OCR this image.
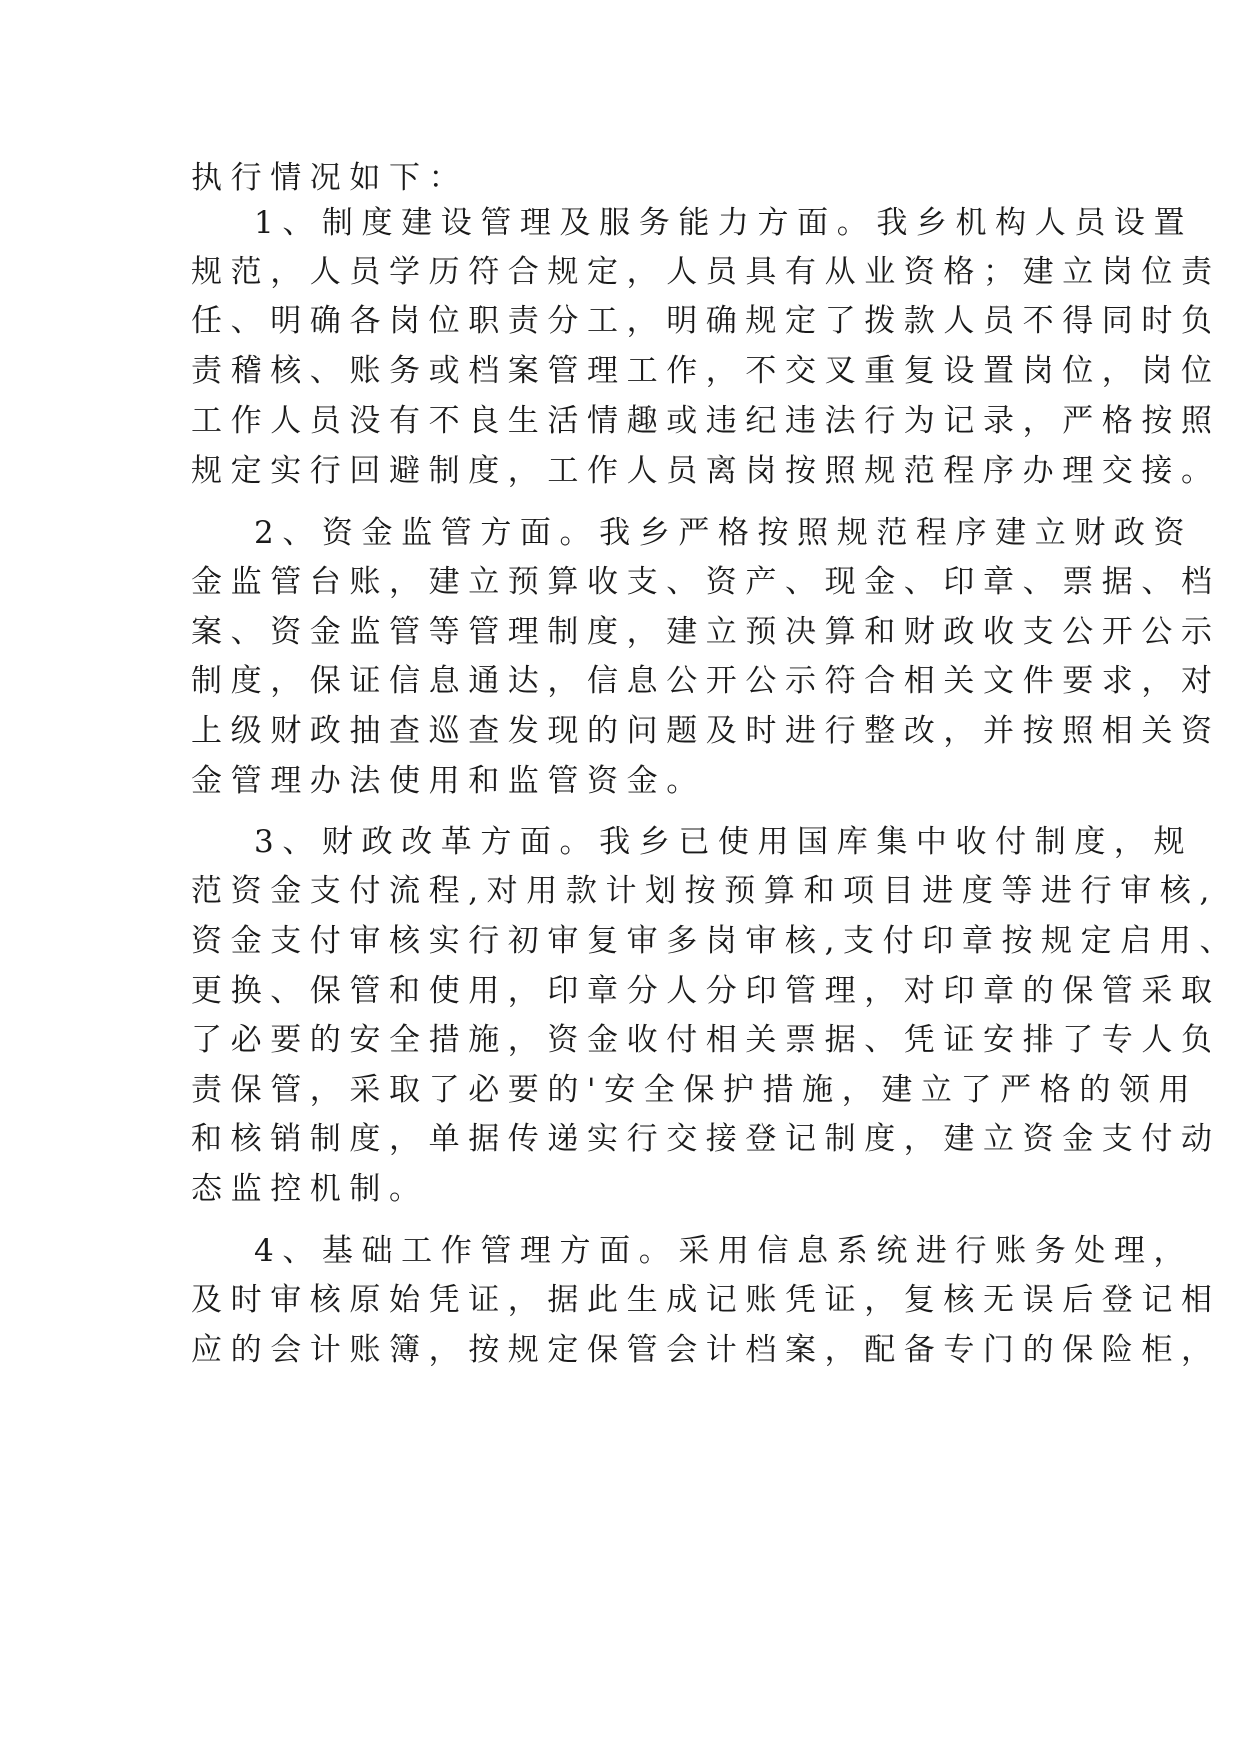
执行情况如下：

1、制度建设管理及服务能力方面。我乡机构人员设置

规范，人员学历符合规定，人员具有从业资格；建立岗位责

任、明确各岗位职责分工，明确规定了拨款人员不得同时负

责稽核、账务或档案管理工作，不交叉重复设置岗位，岗位

工作人员没有不良生活情趣或违纪违法行为记录，严格按照

规定实行回避制度，工作人员离岗按照规范程序办理交接。

2、资金监管方面。我乡严格按照规范程序建立财政资

金监管台账，建立预算收支、资产、现金、印章、票据、档

案、资金监管等管理制度，建立预决算和财政收支公开公示

制度，保证信息通达，信息公开公示符合相关文件要求，对

上级财政抽查巡查发现的问题及时进行整改，并按照相关资

金管理办法使用和监管资金。

3、财政改革方面。我乡已使用国库集中收付制度，规

范资金支付流程,对用款计划按预算和项目进度等进行审核,

资金支付审核实行初审复审多岗审核,支付印章按规定启用、

更换、保管和使用，印章分人分印管理，对印章的保管采取

了必要的安全措施，资金收付相关票据、凭证安排了专人负

责保管，采取了必要的'安全保护措施，建立了严格的领用

和核销制度，单据传递实行交接登记制度，建立资金支付动

态监控机制。

4、基础工作管理方面。采用信息系统进行账务处理，

及时审核原始凭证，据此生成记账凭证，复核无误后登记相

应的会计账簿，按规定保管会计档案，配备专门的保险柜，
